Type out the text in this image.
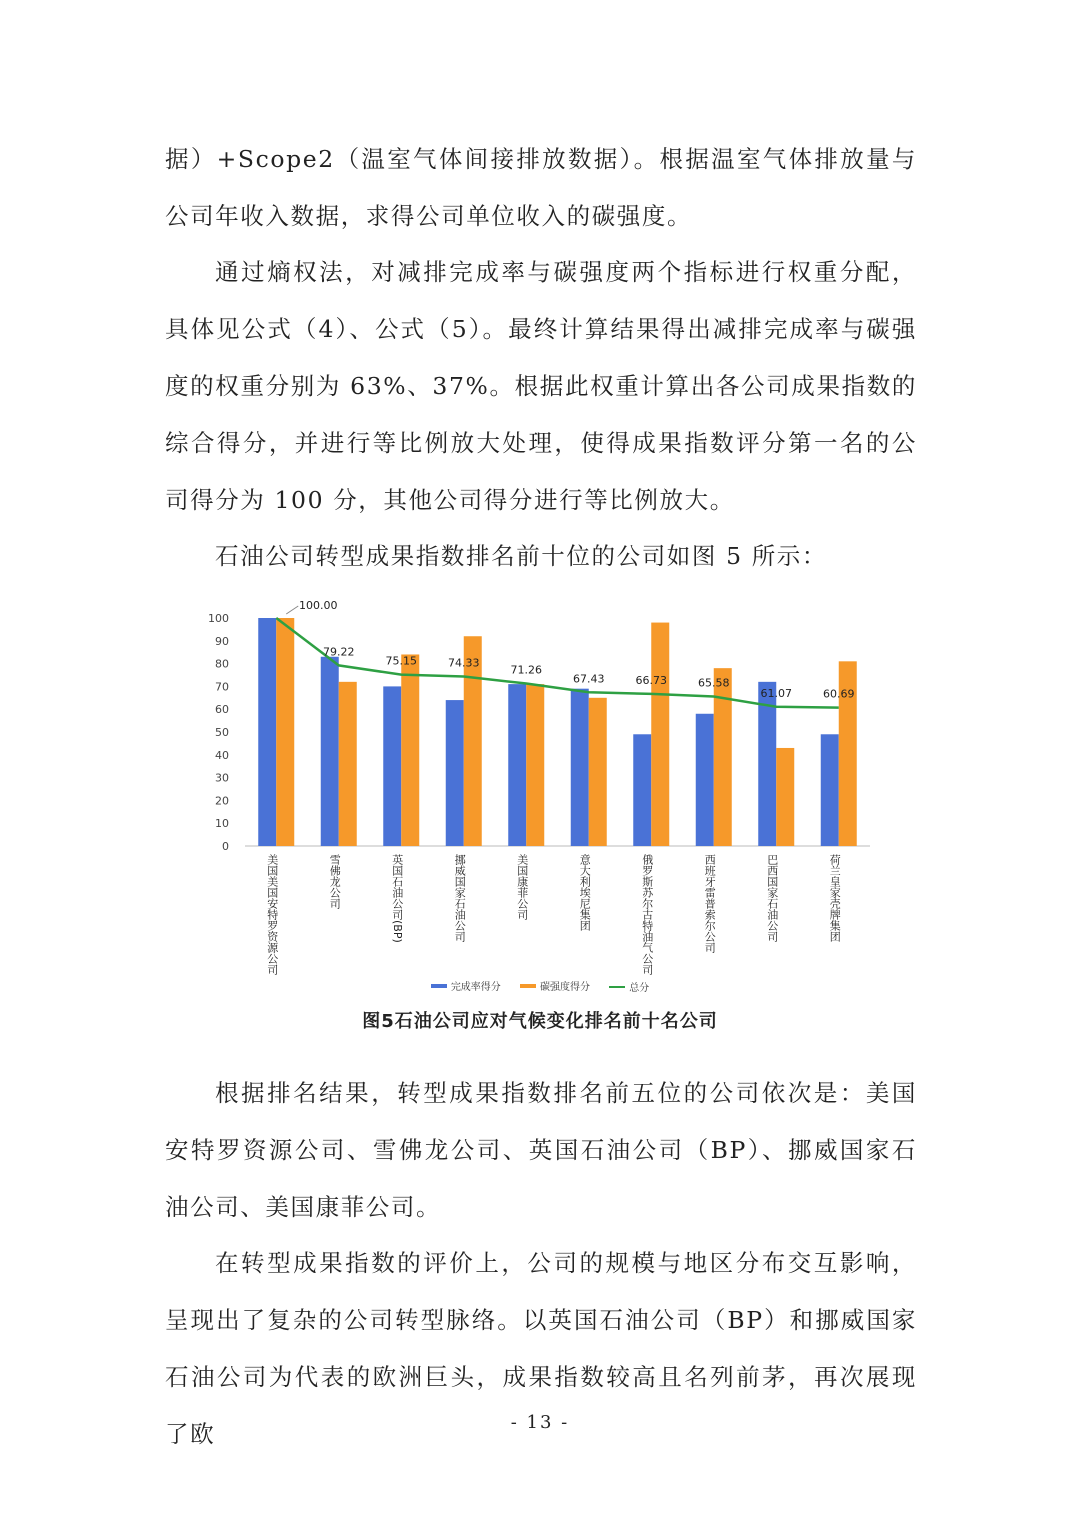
据）+Scope2（温室气体间接排放数据）。根据温室气体排放量与公司年收入数据，求得公司单位收入的碳强度。

通过熵权法，对减排完成率与碳强度两个指标进行权重分配，具体见公式（4）、公式（5）。最终计算结果得出减排完成率与碳强度的权重分别为 63%、37%。根据此权重计算出各公司成果指数的综合得分，并进行等比例放大处理，使得成果指数评分第一名的公司得分为 100 分，其他公司得分进行等比例放大。

石油公司转型成果指数排名前十位的公司如图 5 所示：

0
10
20
30
40
50
60
70
80
90
100
美国美国安特罗资源公司	雪佛龙公司	英国石油公司(BP)	挪威国家石油公司	美国康菲公司	意大利埃尼集团	俄罗斯苏尔古特油气公司	西班牙雷普索尔公司	巴西国家石油公司	荷兰皇家壳牌集团
100.00
79.22
75.15	74.33
71.26
67.43	66.73	65.58
61.07	60.69
完成率得分
	碳强度得分
	总分
图5石油公司应对气候变化排名前十名公司

根据排名结果，转型成果指数排名前五位的公司依次是：美国安特罗资源公司、雪佛龙公司、英国石油公司（BP）、挪威国家石油公司、美国康菲公司。

在转型成果指数的评价上，公司的规模与地区分布交互影响，呈现出了复杂的公司转型脉络。以英国石油公司（BP）和挪威国家石油公司为代表的欧洲巨头，成果指数较高且名列前茅，再次展现了欧	- 13 -
